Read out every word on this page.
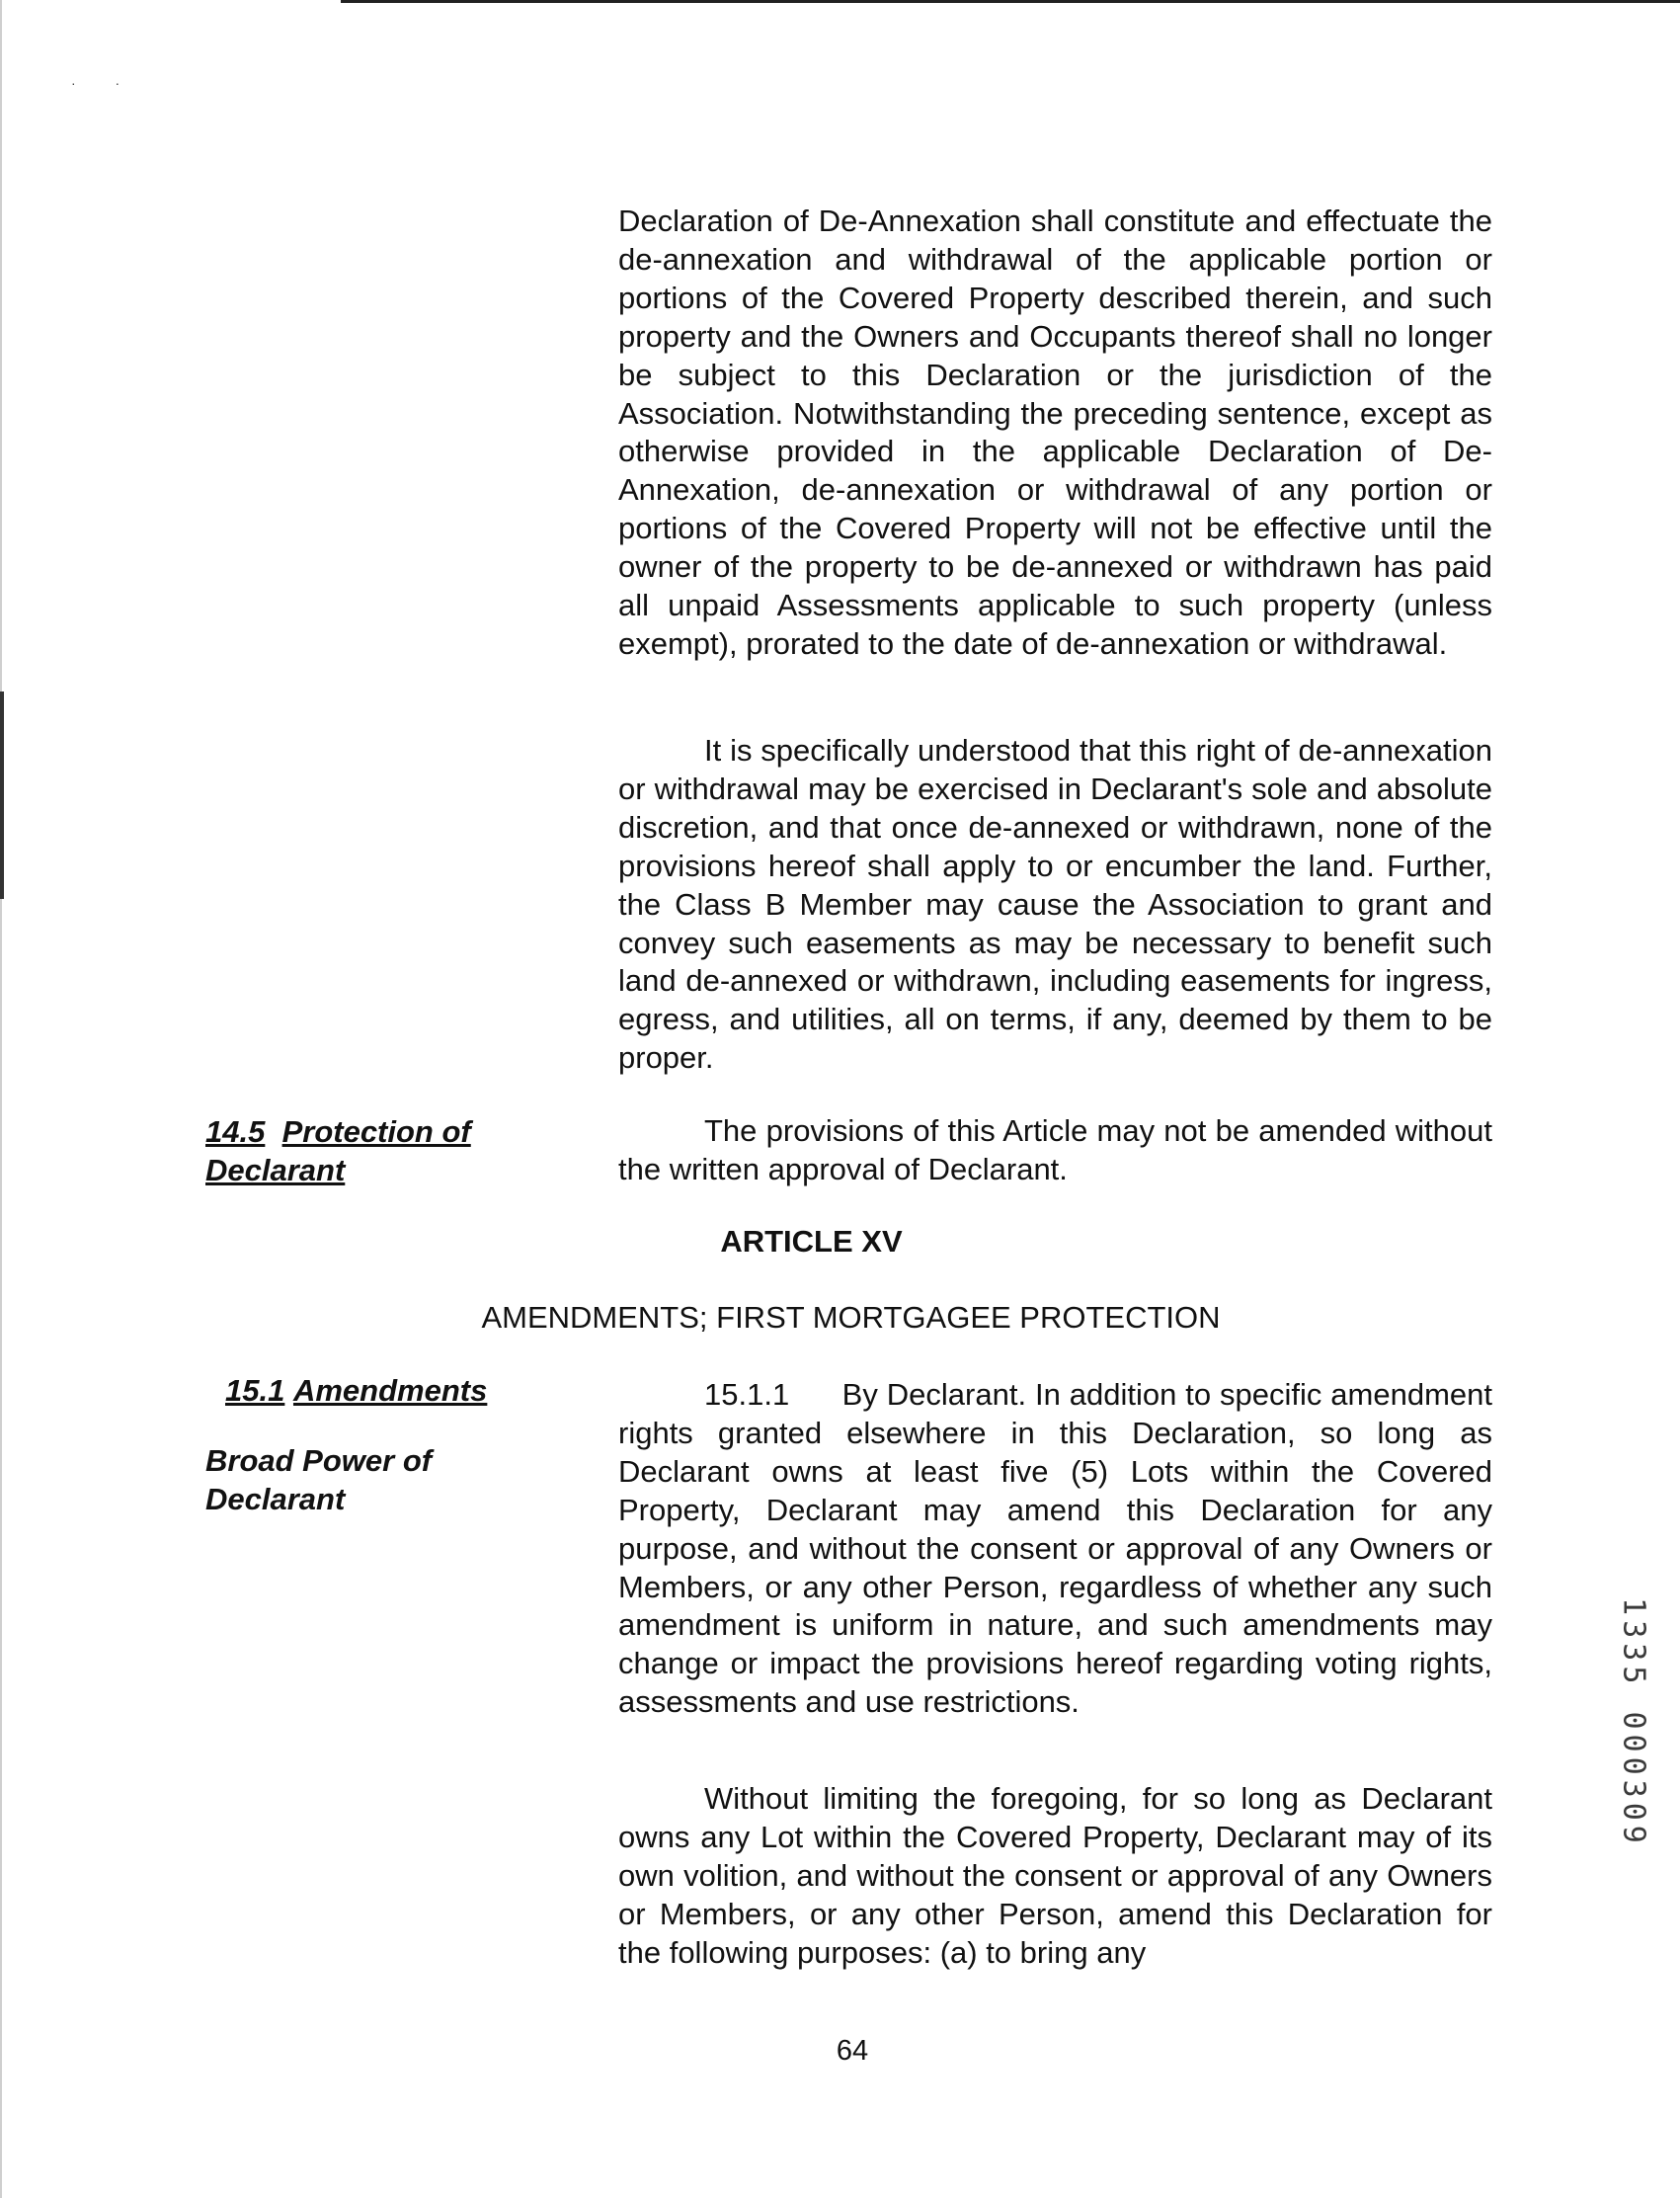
· ·

Declaration of De-Annexation shall constitute and effectuate the de-annexation and withdrawal of the applicable portion or portions of the Covered Property described therein, and such property and the Owners and Occupants thereof shall no longer be subject to this Declaration or the jurisdiction of the Association. Notwithstanding the preceding sentence, except as otherwise provided in the applicable Declaration of De-Annexation, de-annexation or withdrawal of any portion or portions of the Covered Property will not be effective until the owner of the property to be de-annexed or withdrawn has paid all unpaid Assessments applicable to such property (unless exempt), prorated to the date of de-annexation or withdrawal.

It is specifically understood that this right of de-annexation or withdrawal may be exercised in Declarant's sole and absolute discretion, and that once de-annexed or withdrawn, none of the provisions hereof shall apply to or encumber the land. Further, the Class B Member may cause the Association to grant and convey such easements as may be necessary to benefit such land de-annexed or withdrawn, including easements for ingress, egress, and utilities, all on terms, if any, deemed by them to be proper.

14.5 Protection of
Declarant

The provisions of this Article may not be amended without the written approval of Declarant.

ARTICLE XV
AMENDMENTS; FIRST MORTGAGEE PROTECTION
15.1 Amendments
Broad Power of
Declarant

15.1.1      By Declarant. In addition to specific amendment rights granted elsewhere in this Declaration, so long as Declarant owns at least five (5) Lots within the Covered Property, Declarant may amend this Declaration for any purpose, and without the consent or approval of any Owners or Members, or any other Person, regardless of whether any such amendment is uniform in nature, and such amendments may change or impact the provisions hereof regarding voting rights, assessments and use restrictions.

Without limiting the foregoing, for so long as Declarant owns any Lot within the Covered Property, Declarant may of its own volition, and without the consent or approval of any Owners or Members, or any other Person, amend this Declaration for the following purposes: (a) to bring any

64
1335 000309
